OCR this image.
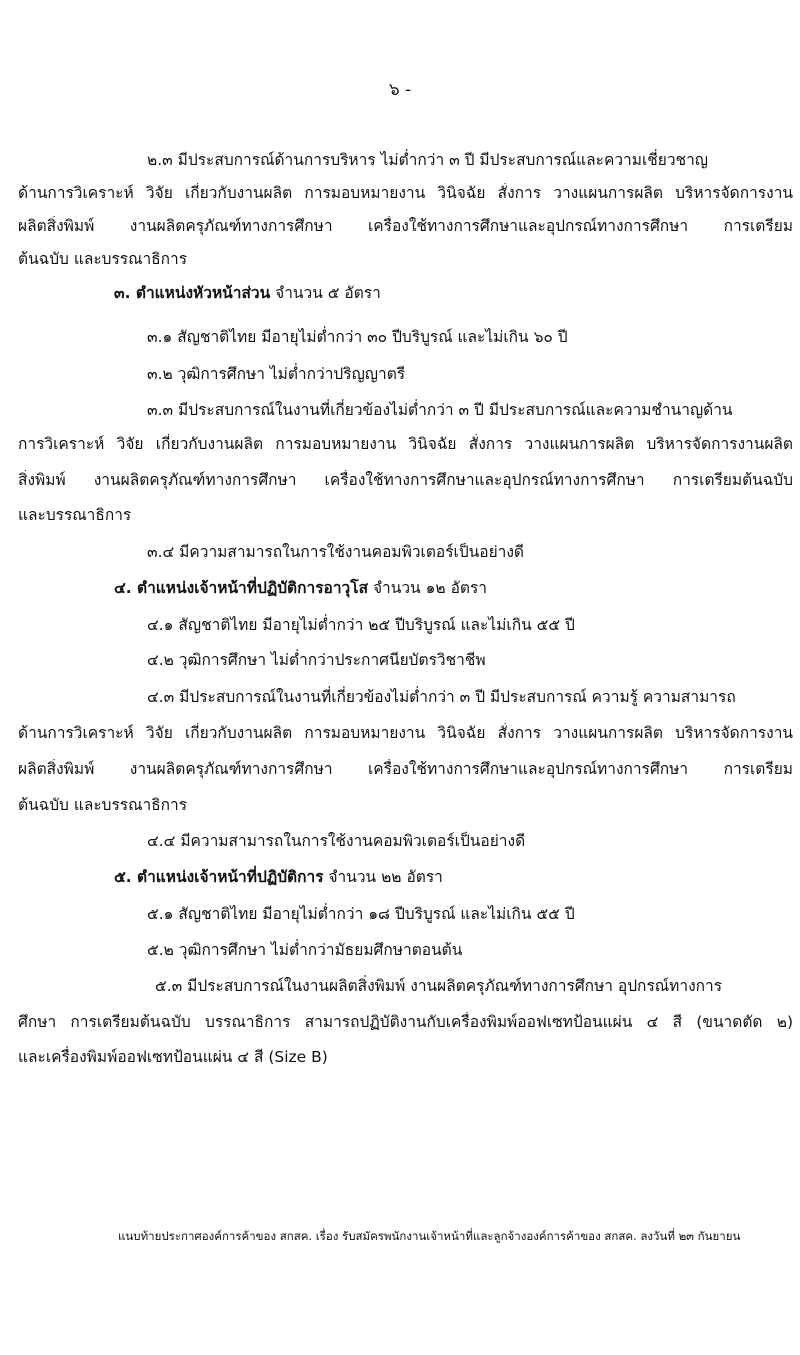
๖ -
๒.๓ มีประสบการณ์ด้านการบริหาร ไม่ต่ำกว่า ๓ ปี มีประสบการณ์และความเชี่ยวชาญ
ด้านการวิเคราะห์ วิจัย เกี่ยวกับงานผลิต การมอบหมายงาน วินิจฉัย สั่งการ วางแผนการผลิต บริหารจัดการงาน
ผลิตสิ่งพิมพ์ งานผลิตครุภัณฑ์ทางการศึกษา เครื่องใช้ทางการศึกษาและอุปกรณ์ทางการศึกษา การเตรียม
ต้นฉบับ และบรรณาธิการ
๓. ตำแหน่งหัวหน้าส่วน จำนวน ๕ อัตรา
๓.๑ สัญชาติไทย มีอายุไม่ต่ำกว่า ๓๐ ปีบริบูรณ์ และไม่เกิน ๖๐ ปี
๓.๒ วุฒิการศึกษา ไม่ต่ำกว่าปริญญาตรี
๓.๓ มีประสบการณ์ในงานที่เกี่ยวข้องไม่ต่ำกว่า ๓ ปี มีประสบการณ์และความชำนาญด้าน
การวิเคราะห์ วิจัย เกี่ยวกับงานผลิต การมอบหมายงาน วินิจฉัย สั่งการ วางแผนการผลิต บริหารจัดการงานผลิต
สิ่งพิมพ์ งานผลิตครุภัณฑ์ทางการศึกษา เครื่องใช้ทางการศึกษาและอุปกรณ์ทางการศึกษา การเตรียมต้นฉบับ
และบรรณาธิการ
๓.๔ มีความสามารถในการใช้งานคอมพิวเตอร์เป็นอย่างดี
๔. ตำแหน่งเจ้าหน้าที่ปฏิบัติการอาวุโส จำนวน ๑๒ อัตรา
๔.๑ สัญชาติไทย มีอายุไม่ต่ำกว่า ๒๕ ปีบริบูรณ์ และไม่เกิน ๕๕ ปี
๔.๒ วุฒิการศึกษา ไม่ต่ำกว่าประกาศนียบัตรวิชาชีพ
๔.๓ มีประสบการณ์ในงานที่เกี่ยวข้องไม่ต่ำกว่า ๓ ปี มีประสบการณ์ ความรู้ ความสามารถ
ด้านการวิเคราะห์ วิจัย เกี่ยวกับงานผลิต การมอบหมายงาน วินิจฉัย สั่งการ วางแผนการผลิต บริหารจัดการงาน
ผลิตสิ่งพิมพ์ งานผลิตครุภัณฑ์ทางการศึกษา เครื่องใช้ทางการศึกษาและอุปกรณ์ทางการศึกษา การเตรียม
ต้นฉบับ และบรรณาธิการ
๔.๔ มีความสามารถในการใช้งานคอมพิวเตอร์เป็นอย่างดี
๕. ตำแหน่งเจ้าหน้าที่ปฏิบัติการ จำนวน ๒๒ อัตรา
๕.๑ สัญชาติไทย มีอายุไม่ต่ำกว่า ๑๘ ปีบริบูรณ์ และไม่เกิน ๕๕ ปี
๕.๒ วุฒิการศึกษา ไม่ต่ำกว่ามัธยมศึกษาตอนต้น
๕.๓ มีประสบการณ์ในงานผลิตสิ่งพิมพ์ งานผลิตครุภัณฑ์ทางการศึกษา อุปกรณ์ทางการ
ศึกษา การเตรียมต้นฉบับ บรรณาธิการ สามารถปฏิบัติงานกับเครื่องพิมพ์ออฟเซทป้อนแผ่น ๔ สี (ขนาดตัด ๒)
และเครื่องพิมพ์ออฟเซทป้อนแผ่น ๔ สี (Size B)
แนบท้ายประกาศองค์การค้าของ สกสค. เรื่อง รับสมัครพนักงานเจ้าหน้าที่และลูกจ้างองค์การค้าของ สกสค. ลงวันที่ ๒๓ กันยายน
